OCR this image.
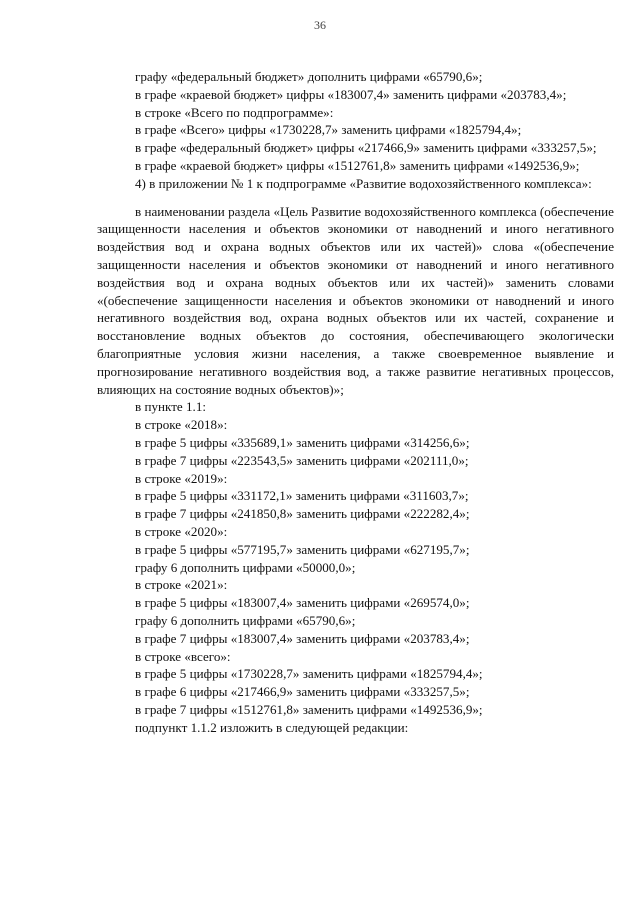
36

графу «федеральный бюджет» дополнить цифрами «65790,6»;

в графе «краевой бюджет» цифры «183007,4» заменить цифрами «203783,4»;

в строке «Всего по подпрограмме»:

в графе «Всего» цифры «1730228,7» заменить цифрами «1825794,4»;

в графе «федеральный бюджет» цифры «217466,9» заменить цифрами «333257,5»;

в графе «краевой бюджет» цифры «1512761,8» заменить цифрами «1492536,9»;

4) в приложении № 1 к подпрограмме «Развитие водохозяйственного комплекса»:

в наименовании раздела «Цель Развитие водохозяйственного комплекса (обеспечение защищенности населения и объектов экономики от наводнений и иного негативного воздействия вод и охрана водных объектов или их частей)» слова «(обеспечение защищенности населения и объектов экономики от наводнений и иного негативного воздействия вод и охрана водных объектов или их частей)» заменить словами «(обеспечение защищенности населения и объектов экономики от наводнений и иного негативного воздействия вод, охрана водных объектов или их частей, сохранение и восстановление водных объектов до состояния, обеспечивающего экологически благоприятные условия жизни населения, а также своевременное выявление и прогнозирование негативного воздействия вод, а также развитие негативных процессов, влияющих на состояние водных объектов)»;

в пункте 1.1:

в строке «2018»:

в графе 5 цифры «335689,1» заменить цифрами «314256,6»;

в графе 7 цифры «223543,5» заменить цифрами «202111,0»;

в строке «2019»:

в графе 5 цифры «331172,1» заменить цифрами «311603,7»;

в графе 7 цифры «241850,8» заменить цифрами «222282,4»;

в строке «2020»:

в графе 5 цифры «577195,7» заменить цифрами «627195,7»;

графу 6 дополнить цифрами «50000,0»;

в строке «2021»:

в графе 5 цифры «183007,4» заменить цифрами «269574,0»;

графу 6 дополнить цифрами «65790,6»;

в графе 7 цифры «183007,4» заменить цифрами «203783,4»;

в строке «всего»:

в графе 5 цифры «1730228,7» заменить цифрами «1825794,4»;

в графе 6 цифры «217466,9» заменить цифрами «333257,5»;

в графе 7 цифры «1512761,8» заменить цифрами «1492536,9»;

подпункт 1.1.2 изложить в следующей редакции:
